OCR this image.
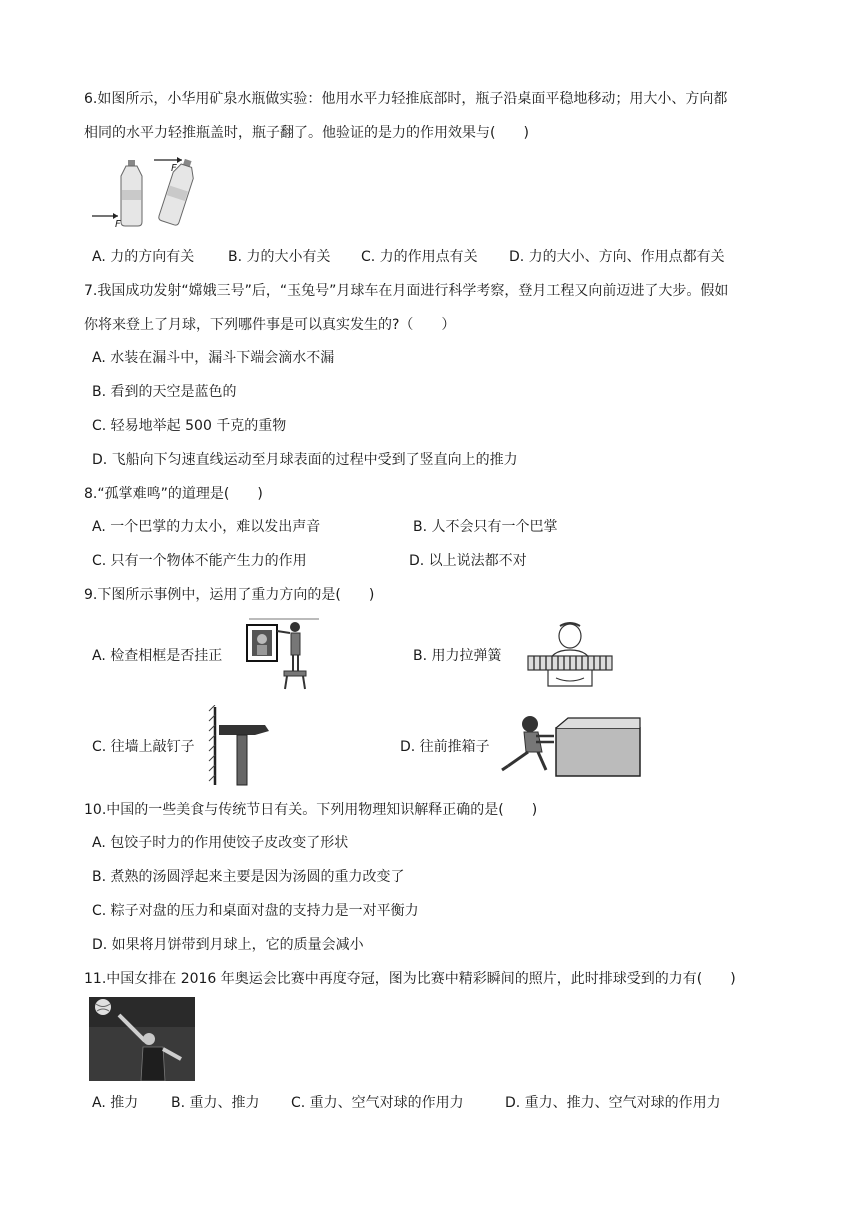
6.如图所示，小华用矿泉水瓶做实验：他用水平力轻推底部时，瓶子沿桌面平稳地移动；用大小、方向都
相同的水平力轻推瓶盖时，瓶子翻了。他验证的是力的作用效果与(　　)
F
F
A. 力的方向有关 B. 力的大小有关 C. 力的作用点有关 D. 力的大小、方向、作用点都有关
7.我国成功发射“嫦娥三号”后，“玉兔号”月球车在月面进行科学考察，登月工程又向前迈进了大步。假如
你将来登上了月球，下列哪件事是可以真实发生的?（　　）
A. 水装在漏斗中，漏斗下端会滴水不漏
B. 看到的天空是蓝色的
C. 轻易地举起 500 千克的重物
D. 飞船向下匀速直线运动至月球表面的过程中受到了竖直向上的推力
8.“孤掌难鸣”的道理是(　　)
A. 一个巴掌的力太小，难以发出声音	B. 人不会只有一个巴掌
C. 只有一个物体不能产生力的作用	D. 以上说法都不对
9.下图所示事例中，运用了重力方向的是(　　)
A. 检查相框是否挂正	B. 用力拉弹簧
C. 往墙上敲钉子	D. 往前推箱子
10.中国的一些美食与传统节日有关。下列用物理知识解释正确的是(　　)
A. 包饺子时力的作用使饺子皮改变了形状
B. 煮熟的汤圆浮起来主要是因为汤圆的重力改变了
C. 粽子对盘的压力和桌面对盘的支持力是一对平衡力
D. 如果将月饼带到月球上，它的质量会减小
11.中国女排在 2016 年奥运会比赛中再度夺冠，图为比赛中精彩瞬间的照片，此时排球受到的力有(　　)
A. 推力 B. 重力、推力 C. 重力、空气对球的作用力	D. 重力、推力、空气对球的作用力
